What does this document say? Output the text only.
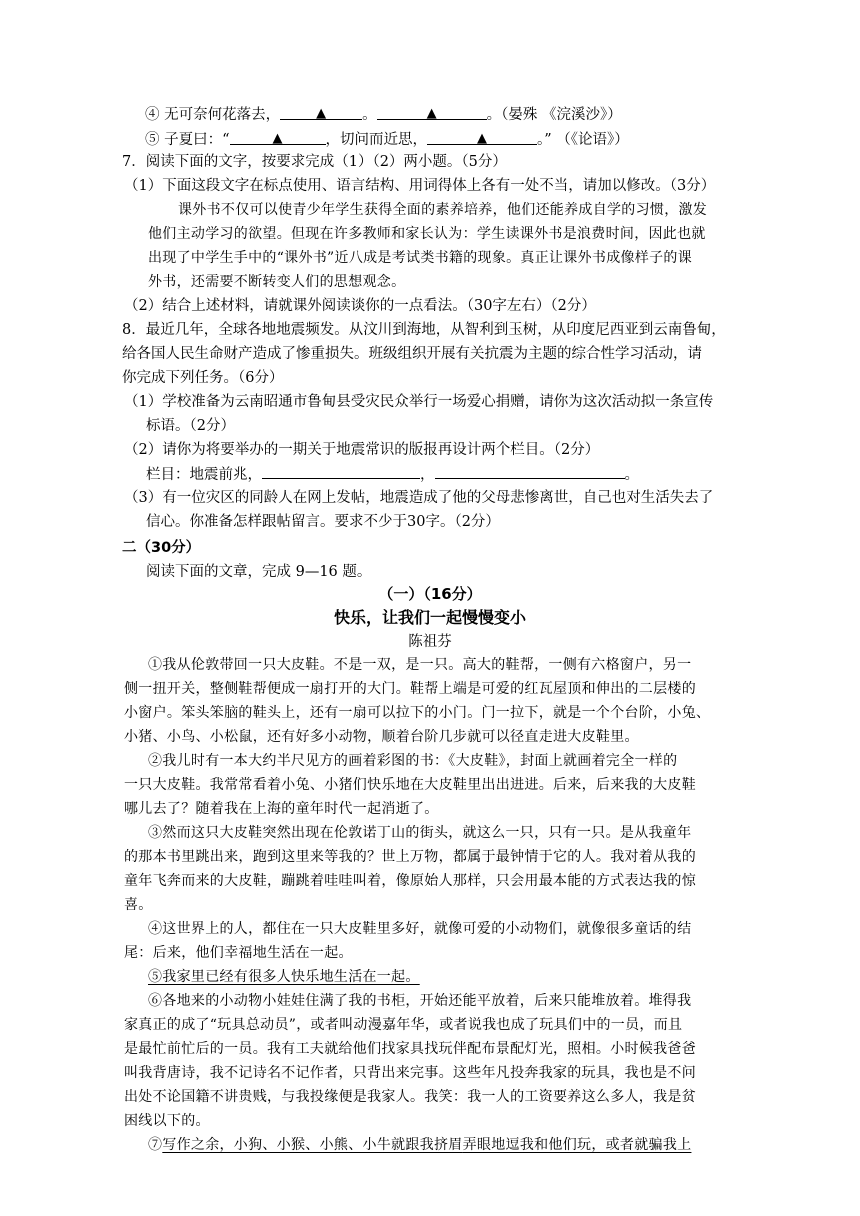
④ 无可奈何花落去，	▲ 。	▲	。（晏殊 《浣溪沙》）
⑤ 子夏曰：“	▲	，切问而近思，	▲	。” （《论语》）
7．阅读下面的文字，按要求完成（1）（2）两小题。（5分）
（1）下面这段文字在标点使用、语言结构、用词得体上各有一处不当，请加以修改。（3分）
课外书不仅可以使青少年学生获得全面的素养培养，他们还能养成自学的习惯，激发
他们主动学习的欲望。但现在许多教师和家长认为：学生读课外书是浪费时间，因此也就
出现了中学生手中的“课外书”近八成是考试类书籍的现象。真正让课外书成像样子的课
外书，还需要不断转变人们的思想观念。
（2）结合上述材料，请就课外阅读谈你的一点看法。（30字左右）（2分）
8．最近几年，全球各地地震频发。从汶川到海地，从智利到玉树，从印度尼西亚到云南鲁甸，
给各国人民生命财产造成了惨重损失。班级组织开展有关抗震为主题的综合性学习活动，请
你完成下列任务。（6分）
（1）学校准备为云南昭通市鲁甸县受灾民众举行一场爱心捐赠，请你为这次活动拟一条宣传
标语。（2分）
（2）请你为将要举办的一期关于地震常识的版报再设计两个栏目。（2分）
栏目：地震前兆，	，	。
（3）有一位灾区的同龄人在网上发帖，地震造成了他的父母悲惨离世，自己也对生活失去了
信心。你准备怎样跟帖留言。要求不少于30字。（2分）
二（30分）
阅读下面的文章，完成 9—16 题。
（一）（16分）
快乐，让我们一起慢慢变小
陈祖芬
①我从伦敦带回一只大皮鞋。不是一双，是一只。高大的鞋帮，一侧有六格窗户，另一
侧一扭开关，整侧鞋帮便成一扇打开的大门。鞋帮上端是可爱的红瓦屋顶和伸出的二层楼的
小窗户。笨头笨脑的鞋头上，还有一扇可以拉下的小门。门一拉下，就是一个个台阶，小兔、
小猪、小鸟、小松鼠，还有好多小动物，顺着台阶几步就可以径直走进大皮鞋里。
②我儿时有一本大约半尺见方的画着彩图的书：《大皮鞋》，封面上就画着完全一样的
一只大皮鞋。我常常看着小兔、小猪们快乐地在大皮鞋里出出进进。后来，后来我的大皮鞋
哪儿去了？随着我在上海的童年时代一起消逝了。
③然而这只大皮鞋突然出现在伦敦诺丁山的街头，就这么一只，只有一只。是从我童年
的那本书里跳出来，跑到这里来等我的？世上万物，都属于最钟情于它的人。我对着从我的
童年飞奔而来的大皮鞋，蹦跳着哇哇叫着，像原始人那样，只会用最本能的方式表达我的惊
喜。
④这世界上的人，都住在一只大皮鞋里多好，就像可爱的小动物们，就像很多童话的结
尾：后来，他们幸福地生活在一起。
⑤我家里已经有很多人快乐地生活在一起。
⑥各地来的小动物小娃娃住满了我的书柜，开始还能平放着，后来只能堆放着。堆得我
家真正的成了“玩具总动员”，或者叫动漫嘉年华，或者说我也成了玩具们中的一员，而且
是最忙前忙后的一员。我有工夫就给他们找家具找玩伴配布景配灯光，照相。小时候我爸爸
叫我背唐诗，我不记诗名不记作者，只背出来完事。这些年凡投奔我家的玩具，我也是不问
出处不论国籍不讲贵贱，与我投缘便是我家人。我笑：我一人的工资要养这么多人，我是贫
困线以下的。
⑦写作之余，小狗、小猴、小熊、小牛就跟我挤眉弄眼地逗我和他们玩，或者就骗我上
